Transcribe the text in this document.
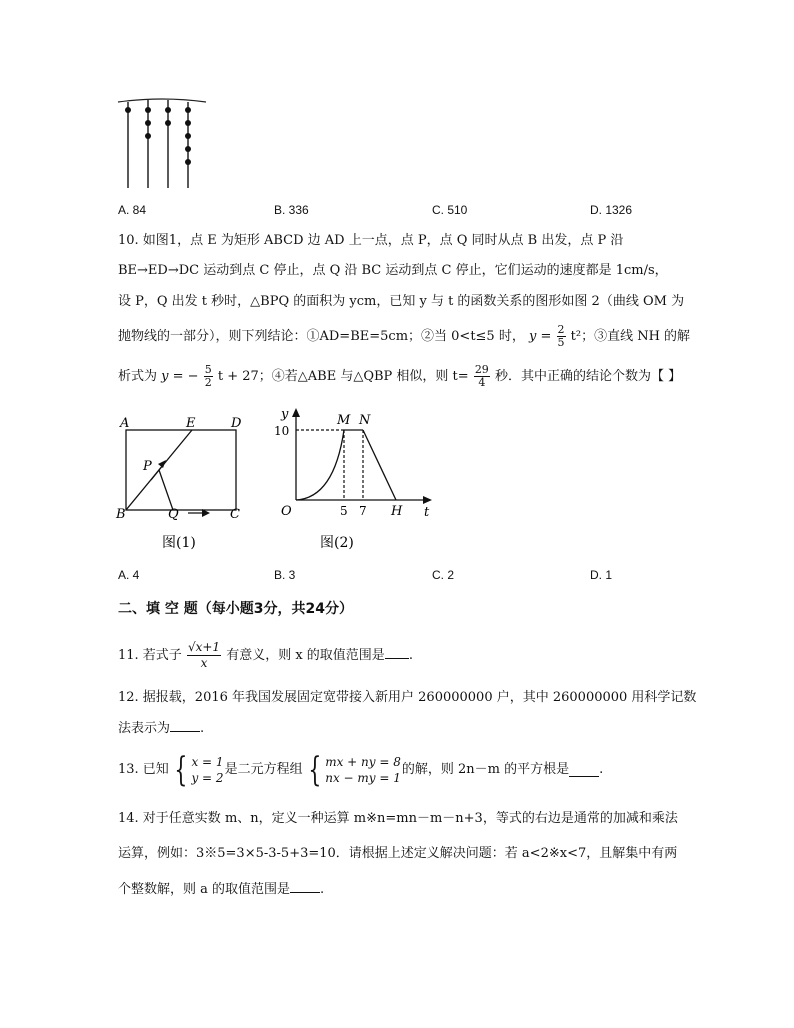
A. 84	B. 336	C. 510	D. 1326
10. 如图1，点 E 为矩形 ABCD 边 AD 上一点，点 P，点 Q 同时从点 B 出发，点 P 沿
BE→ED→DC 运动到点 C 停止，点 Q 沿 BC 运动到点 C 停止，它们运动的速度都是 1cm/s，
设 P，Q 出发 t 秒时，△BPQ 的面积为 ycm，已知 y 与 t 的函数关系的图形如图 2（曲线 OM 为
抛物线的一部分），则下列结论：①AD=BE=5cm；②当 0<t≤5 时， $y = \frac{2}{5} t^2$；③直线 NH 的解
析式为 y = − $\frac{5}{2}$ t + 27；④若△ABE 与△QBP 相似，则 $t= \frac{29}{4}$ 秒．其中正确的结论个数为【 】
A	E	D
P
B	Q	C
图(1)
y
10
M N
O	5 7 H t
图(2)
A. 4	B. 3	C. 2	D. 1
二、填 空 题（每小题3分，共24分）
11. 若式子 $\frac{√x+1}{x}$ 有意义，则 x 的取值范围是 .
12. 据报载，2016 年我国发展固定宽带接入新用户 260000000 户，其中 260000000 用科学记数
法表示为 .
13. 已知 { x = 1
y = 2
是二元方程组 { mx + ny = 8
nx − my = 1
的解，则 2n－m 的平方根是 .
14. 对于任意实数 m、n，定义一种运算 m※n=mn－m－n+3，等式的右边是通常的加减和乘法
运算，例如：3※5=3×5-3-5+3=10．请根据上述定义解决问题：若 a<2※x<7，且解集中有两
个整数解，则 a 的取值范围是 .
